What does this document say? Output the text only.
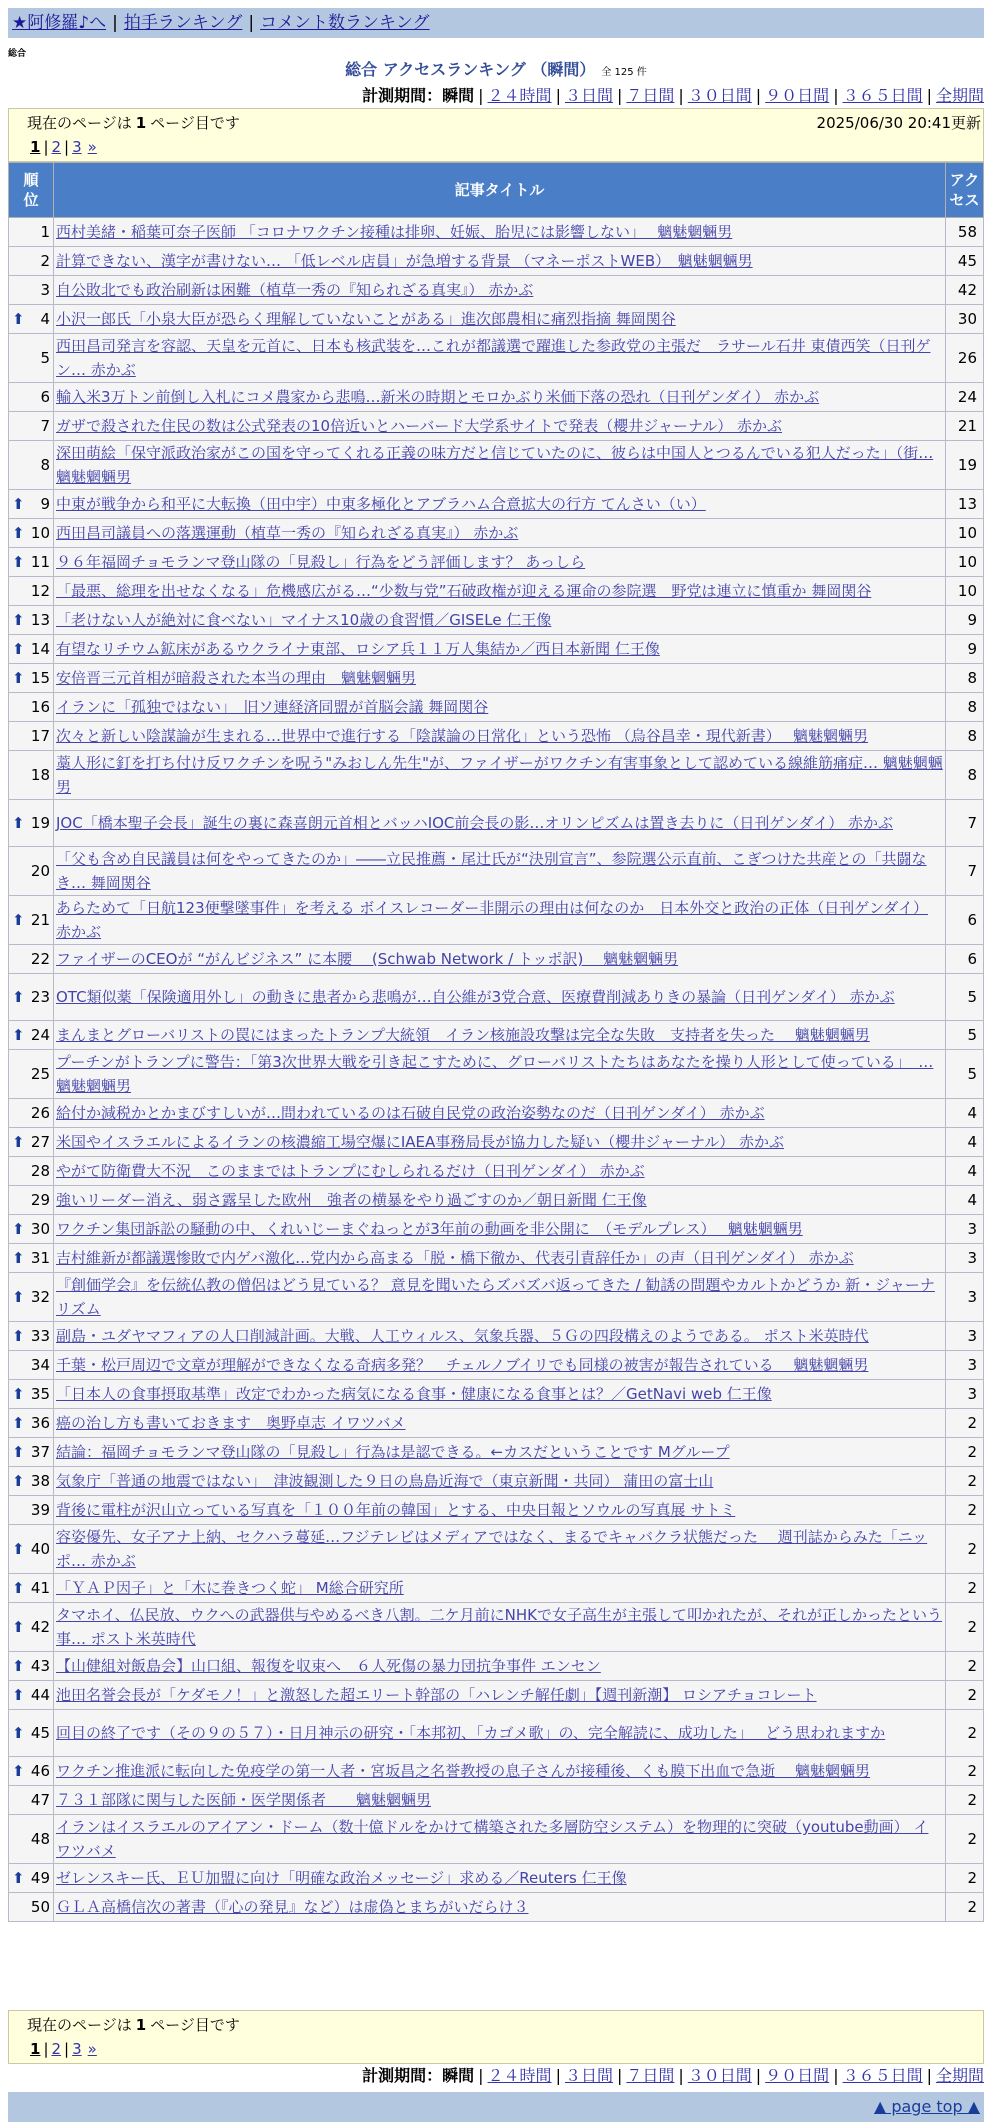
★阿修羅♪へ | 拍手ランキング | コメント数ランキング
総合
総合 アクセスランキング （瞬間） 全 125 件
計測期間：瞬間 | ２４時間 | ３日間 | ７日間 | ３０日間 | ９０日間 | ３６５日間 | 全期間
現在のページは 1 ページ目です	2025/06/30 20:41更新
1 | 2 | 3 »
順位	記事タイトル	アクセス
1	西村美緒・稲葉可奈子医師 「コロナワクチン接種は排卵、妊娠、胎児には影響しない」　 魑魅魍魎男	58
2	計算できない、漢字が書けない… 「低レベル店員」が急増する背景 （マネーポストWEB）　魑魅魍魎男	45
3	自公敗北でも政治刷新は困難（植草一秀の『知られざる真実』） 赤かぶ	42

⬆ 4	小沢一郎氏「小泉大臣が恐らく理解していないことがある」進次郎農相に痛烈指摘 舞岡関谷	30
5	西田昌司発言を容認、天皇を元首に、日本も核武装を…これが都議選で躍進した参政党の主張だ　ラサール石井 東債西笑（日刊ゲン… 赤かぶ	26
6	輸入米3万トン前倒し入札にコメ農家から悲鳴…新米の時期とモロかぶり米価下落の恐れ（日刊ゲンダイ） 赤かぶ	24
7	ガザで殺された住民の数は公式発表の10倍近いとハーバード大学系サイトで発表（櫻井ジャーナル） 赤かぶ	21
8	深田萌絵「保守派政治家がこの国を守ってくれる正義の味方だと信じていたのに、彼らは中国人とつるんでいる犯人だった」（街… 魑魅魍魎男	19

⬆ 9	中東が戦争から和平に大転換（田中宇）中東多極化とアブラハム合意拡大の行方 てんさい（い）	13

⬆ 10	西田昌司議員への落選運動（植草一秀の『知られざる真実』） 赤かぶ	10

⬆ 11	９６年福岡チョモランマ登山隊の「見殺し」行為をどう評価します？ あっしら	10
12	「最悪、総理を出せなくなる」危機感広がる…“少数与党”石破政権が迎える運命の参院選　野党は連立に慎重か 舞岡関谷	10

⬆ 13	「老けない人が絶対に食べない」マイナス10歳の食習慣／GISELe 仁王像	9

⬆ 14	有望なリチウム鉱床があるウクライナ東部、ロシア兵１１万人集結か／西日本新聞 仁王像	9

⬆ 15	安倍晋三元首相が暗殺された本当の理由　魑魅魍魎男	8
16	イランに「孤独ではない」　旧ソ連経済同盟が首脳会議 舞岡関谷	8
17	次々と新しい陰謀論が生まれる…世界中で進行する「陰謀論の日常化」という恐怖 （烏谷昌幸・現代新書）　 魑魅魍魎男	8
18	藁人形に釘を打ち付け反ワクチンを呪う"みおしん先生"が、ファイザーがワクチン有害事象として認めている線維筋痛症… 魑魅魍魎男	8

⬆ 19	JOC「橋本聖子会長」誕生の裏に森喜朗元首相とバッハIOC前会長の影…オリンピズムは置き去りに（日刊ゲンダイ） 赤かぶ	7
20	「父も含め自民議員は何をやってきたのか」――立民推薦・尾辻氏が“決別宣言”、参院選公示直前、こぎつけた共産との「共闘なき… 舞岡関谷	7

⬆ 21	あらためて「日航123便撃墜事件」を考える ボイスレコーダー非開示の理由は何なのか　日本外交と政治の正体（日刊ゲンダイ） 赤かぶ	6
22	ファイザーのCEOが “がんビジネス” に本腰　 (Schwab Network / トッポ訳)　 魑魅魍魎男	6

⬆ 23	OTC類似薬「保険適用外し」の動きに患者から悲鳴が…自公維が3党合意、医療費削減ありきの暴論（日刊ゲンダイ） 赤かぶ	5

⬆ 24	まんまとグローバリストの罠にはまったトランプ大統領　イラン核施設攻撃は完全な失敗　支持者を失った　 魑魅魍魎男	5
25	プーチンがトランプに警告：「第3次世界大戦を引き起こすために、グローバリストたちはあなたを操り人形として使っている」　… 魑魅魍魎男	5
26	給付か減税かとかまびすしいが…問われているのは石破自民党の政治姿勢なのだ（日刊ゲンダイ） 赤かぶ	4

⬆ 27	米国やイスラエルによるイランの核濃縮工場空爆にIAEA事務局長が協力した疑い（櫻井ジャーナル） 赤かぶ	4
28	やがて防衛費大不況　このままではトランプにむしられるだけ（日刊ゲンダイ） 赤かぶ	4
29	強いリーダー消え、弱さ露呈した欧州　強者の横暴をやり過ごすのか／朝日新聞 仁王像	4

⬆ 30	ワクチン集団訴訟の騒動の中、くれいじーまぐねっとが3年前の動画を非公開に　（モデルプレス）　 魑魅魍魎男	3

⬆ 31	吉村維新が都議選惨敗で内ゲバ激化…党内から高まる「脱・橋下徹か、代表引責辞任か」の声（日刊ゲンダイ） 赤かぶ	3

⬆ 32	『創価学会』を伝統仏教の僧侶はどう見ている？ 意見を聞いたらズバズバ返ってきた / 勧誘の問題やカルトかどうか 新・ジャーナリズム	3

⬆ 33	副島・ユダヤマフィアの人口削減計画。大戦、人工ウィルス、気象兵器、５Ｇの四段構えのようである。 ポスト米英時代	3
34	千葉・松戸周辺で文章が理解ができなくなる奇病多発？　チェルノブイリでも同様の被害が報告されている　 魑魅魍魎男	3

⬆ 35	「日本人の食事摂取基準」改定でわかった病気になる食事・健康になる食事とは？／GetNavi web 仁王像	3

⬆ 36	癌の治し方も書いておきます　奥野卓志 イワツバメ	2

⬆ 37	結論：福岡チョモランマ登山隊の「見殺し」行為は是認できる。←カスだということです Mグループ	2

⬆ 38	気象庁「普通の地震ではない」　津波観測した９日の鳥島近海で（東京新聞・共同） 蒲田の富士山	2
39	背後に電柱が沢山立っている写真を「１００年前の韓国」とする、中央日報とソウルの写真展 サトミ	2

⬆ 40	容姿優先、女子アナ上納、セクハラ蔓延…フジテレビはメディアではなく、まるでキャバクラ状態だった　 週刊誌からみた「ニッポ… 赤かぶ	2

⬆ 41	「ＹＡＰ因子」と「木に巻きつく蛇」 M総合研究所	2

⬆ 42	タマホイ、仏民放、ウクへの武器供与やめるべき八割。二ケ月前にNHKで女子高生が主張して叩かれたが、それが正しかったという事… ポスト米英時代	2

⬆ 43	【山健組対飯島会】山口組、報復を収束へ　６人死傷の暴力団抗争事件 エンセン	2

⬆ 44	池田名誉会長が「ケダモノ！」と激怒した超エリート幹部の「ハレンチ解任劇」【週刊新潮】 ロシアチョコレート	2

⬆ 45	回目の終了です（その９の５７）・日月神示の研究・「本邦初、「カゴメ歌」の、完全解読に、成功した」　 どう思われますか	2

⬆ 46	ワクチン推進派に転向した免疫学の第一人者・宮坂昌之名誉教授の息子さんが接種後、くも膜下出血で急逝　 魑魅魍魎男	2
47	７３１部隊に関与した医師・医学関係者　　魑魅魍魎男	2
48	イランはイスラエルのアイアン・ドーム（数十億ドルをかけて構築された多層防空システム）を物理的に突破（youtube動画） イワツバメ	2

⬆ 49	ゼレンスキー氏、ＥＵ加盟に向け「明確な政治メッセージ」求める／Reuters 仁王像	2
50	ＧＬＡ高橋信次の著書（『心の発見』など）は虚偽とまちがいだらけ３	2
現在のページは 1 ページ目です
1 | 2 | 3 »
計測期間：瞬間 | ２４時間 | ３日間 | ７日間 | ３０日間 | ９０日間 | ３６５日間 | 全期間
▲ page top ▲
